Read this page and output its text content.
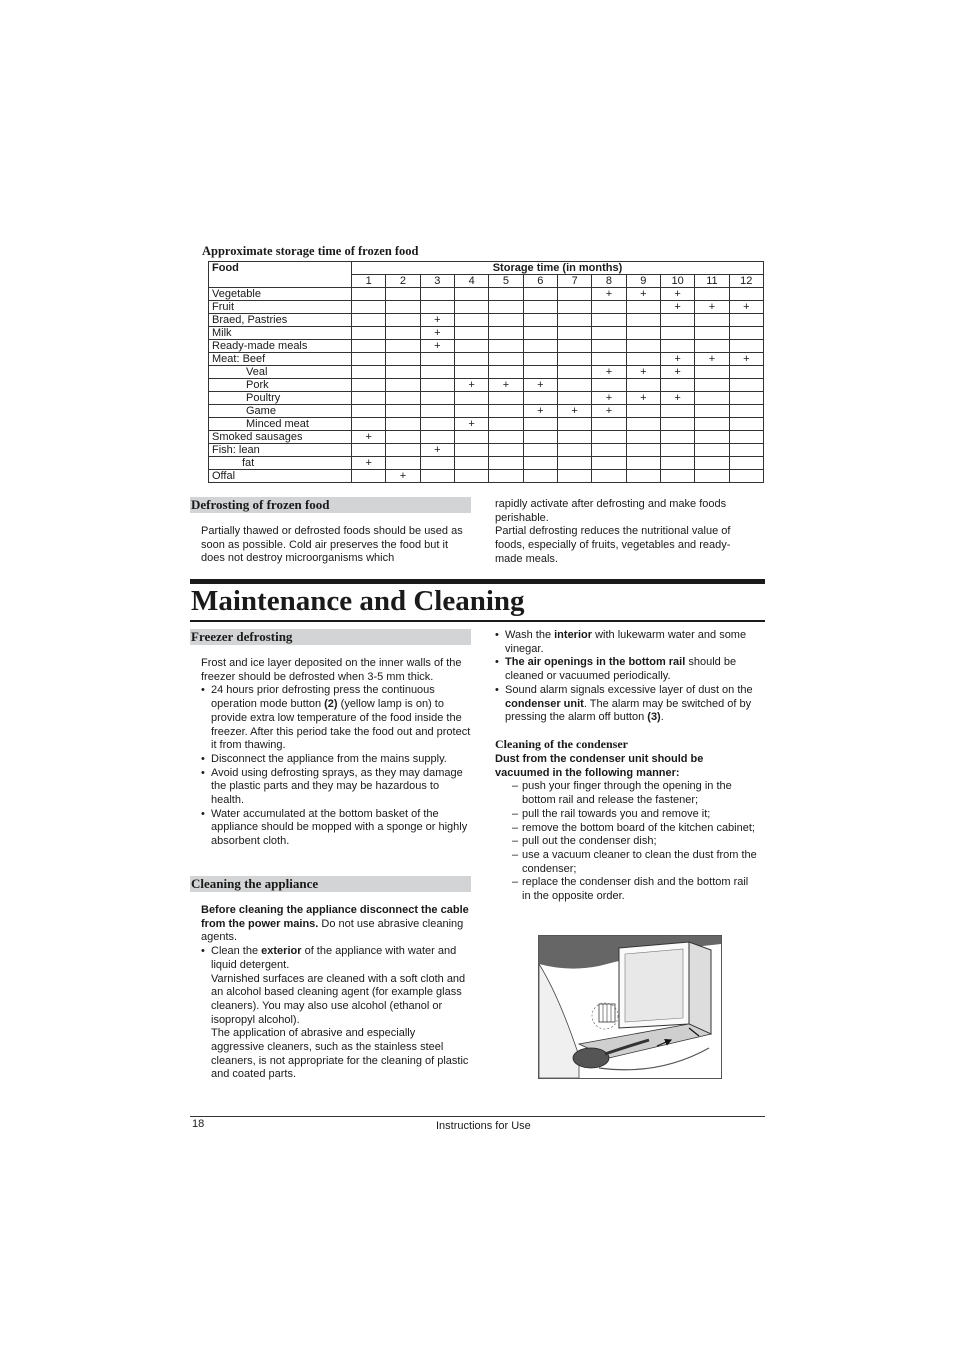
Approximate storage time of frozen food
Food	Storage time (in months)											
	1	2	3	4	5	6	7	8	9	10	11	12
Vegetable								+	+	+		
Fruit										+	+	+
Braed, Pastries			+									
Milk			+									
Ready-made meals			+									
Meat: Beef										+	+	+
Veal								+	+	+		
Pork				+	+	+						
Poultry								+	+	+		
Game						+	+	+				
Minced meat				+								
Smoked sausages	+											
Fish: lean			+									
fat	+											
Offal		+										
Defrosting of frozen food

Partially thawed or defrosted foods should be used as soon as possible. Cold air preserves the food but it does not destroy microorganisms which

rapidly activate after defrosting and make foods perishable.

Partial defrosting reduces the nutritional value of foods, especially of fruits, vegetables and ready-made meals.

Maintenance and Cleaning
Freezer defrosting

Frost and ice layer deposited on the inner walls of the freezer should be defrosted when 3-5 mm thick.

• 24 hours prior defrosting press the continuous operation mode button (2) (yellow lamp is on) to provide extra low temperature of the food inside the freezer. After this period take the food out and protect it from thawing.
• Disconnect the appliance from the mains supply.
• Avoid using defrosting sprays, as they may damage the plastic parts and they may be hazardous to health.
• Water accumulated at the bottom basket of the appliance should be mopped with a sponge or highly absorbent cloth.
Cleaning the appliance

Before cleaning the appliance disconnect the cable from the power mains. Do not use abrasive cleaning agents.

• Clean the exterior of the appliance with water and liquid detergent.
Varnished surfaces are cleaned with a soft cloth and an alcohol based cleaning agent (for example glass cleaners). You may also use alcohol (ethanol or isopropyl alcohol).
The application of abrasive and especially aggressive cleaners, such as the stainless steel cleaners, is not appropriate for the cleaning of plastic and coated parts.
• Wash the interior with lukewarm water and some vinegar.
• The air openings in the bottom rail should be cleaned or vacuumed periodically.
• Sound alarm signals excessive layer of dust on the condenser unit. The alarm may be switched of by pressing the alarm off button (3).
Cleaning of the condenser

Dust from the condenser unit should be vacuumed in the following manner:

– push your finger through the opening in the bottom rail and release the fastener;
– pull the rail towards you and remove it;
– remove the bottom board of the kitchen cabinet;
– pull out the condenser dish;
– use a vacuum cleaner to clean the dust from the condenser;
– replace the condenser dish and the bottom rail in the opposite order.
18	Instructions for Use
